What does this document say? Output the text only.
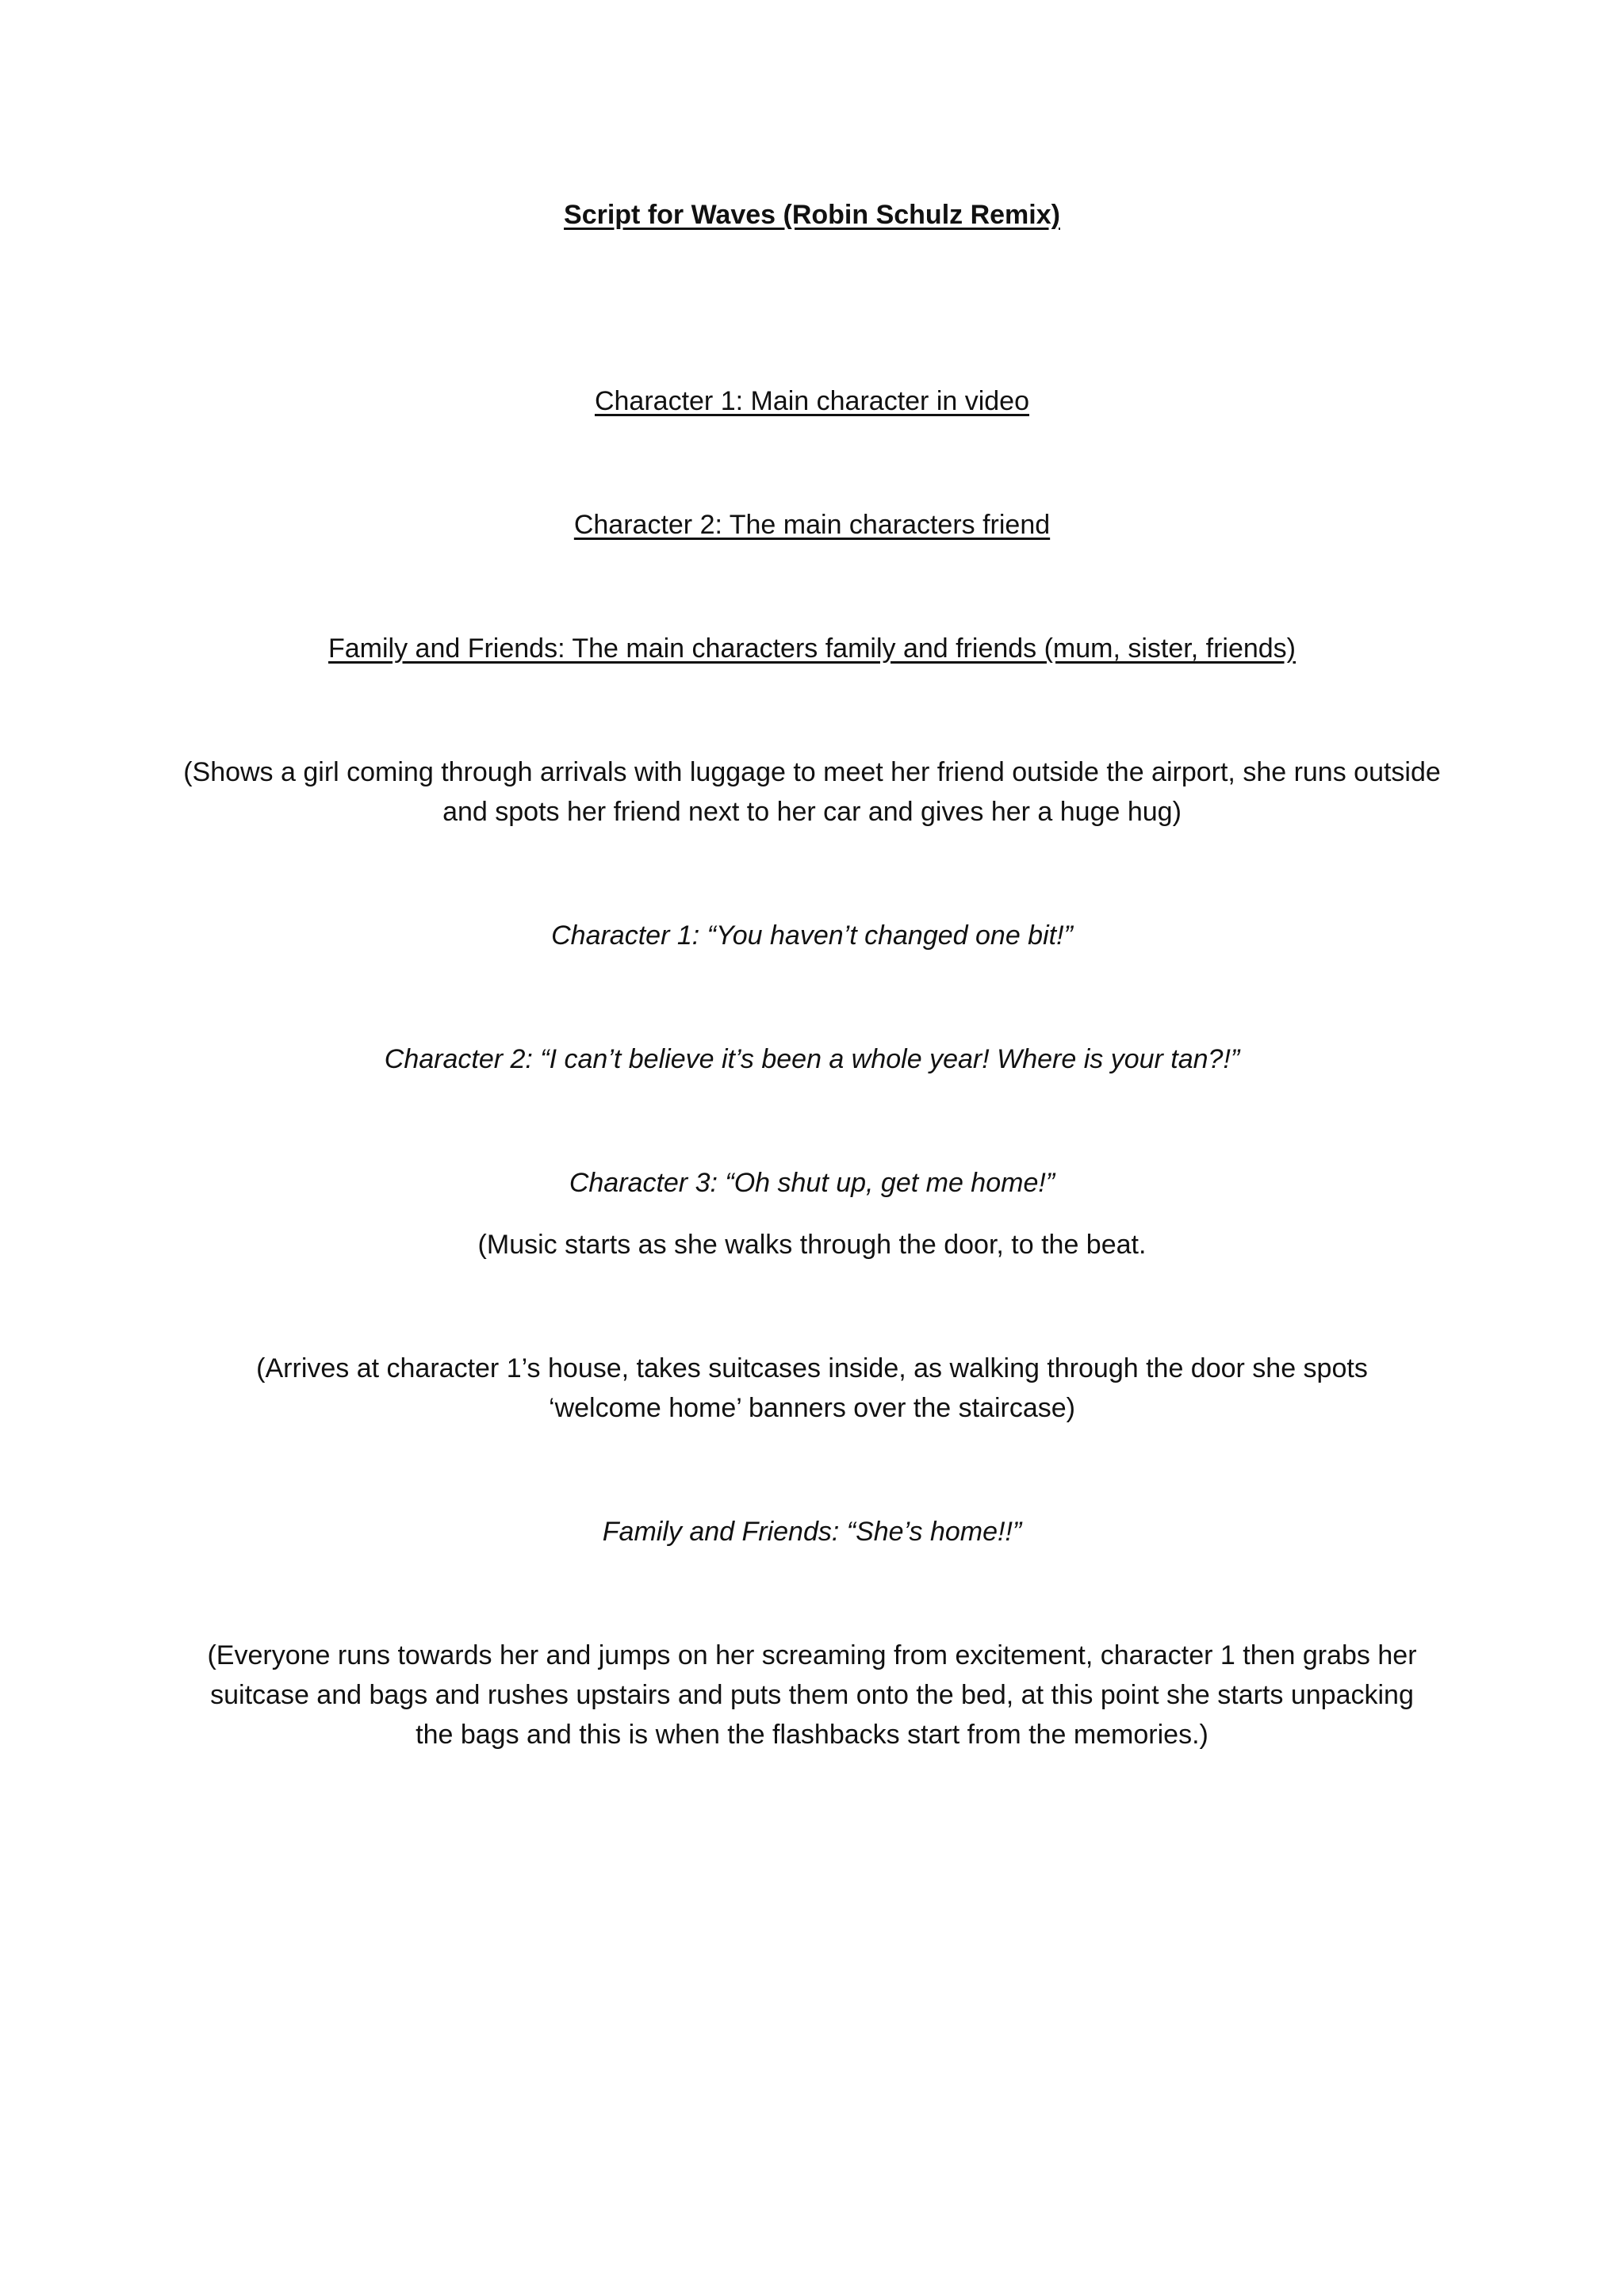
Script for Waves (Robin Schulz Remix)

Character 1: Main character in video

Character 2: The main characters friend

Family and Friends: The main characters family and friends (mum, sister, friends)

(Shows a girl coming through arrivals with luggage to meet her friend outside the airport, she runs outside and spots her friend next to her car and gives her a huge hug)

Character 1: “You haven’t changed one bit!”

Character 2: “I can’t believe it’s been a whole year! Where is your tan?!”

Character 3: “Oh shut up, get me home!”

(Music starts as she walks through the door, to the beat.

(Arrives at character 1’s house, takes suitcases inside, as walking through the door she spots ‘welcome home’ banners over the staircase)

Family and Friends: “She’s home!!”

(Everyone runs towards her and jumps on her screaming from excitement, character 1 then grabs her suitcase and bags and rushes upstairs and puts them onto the bed, at this point she starts unpacking the bags and this is when the flashbacks start from the memories.)
